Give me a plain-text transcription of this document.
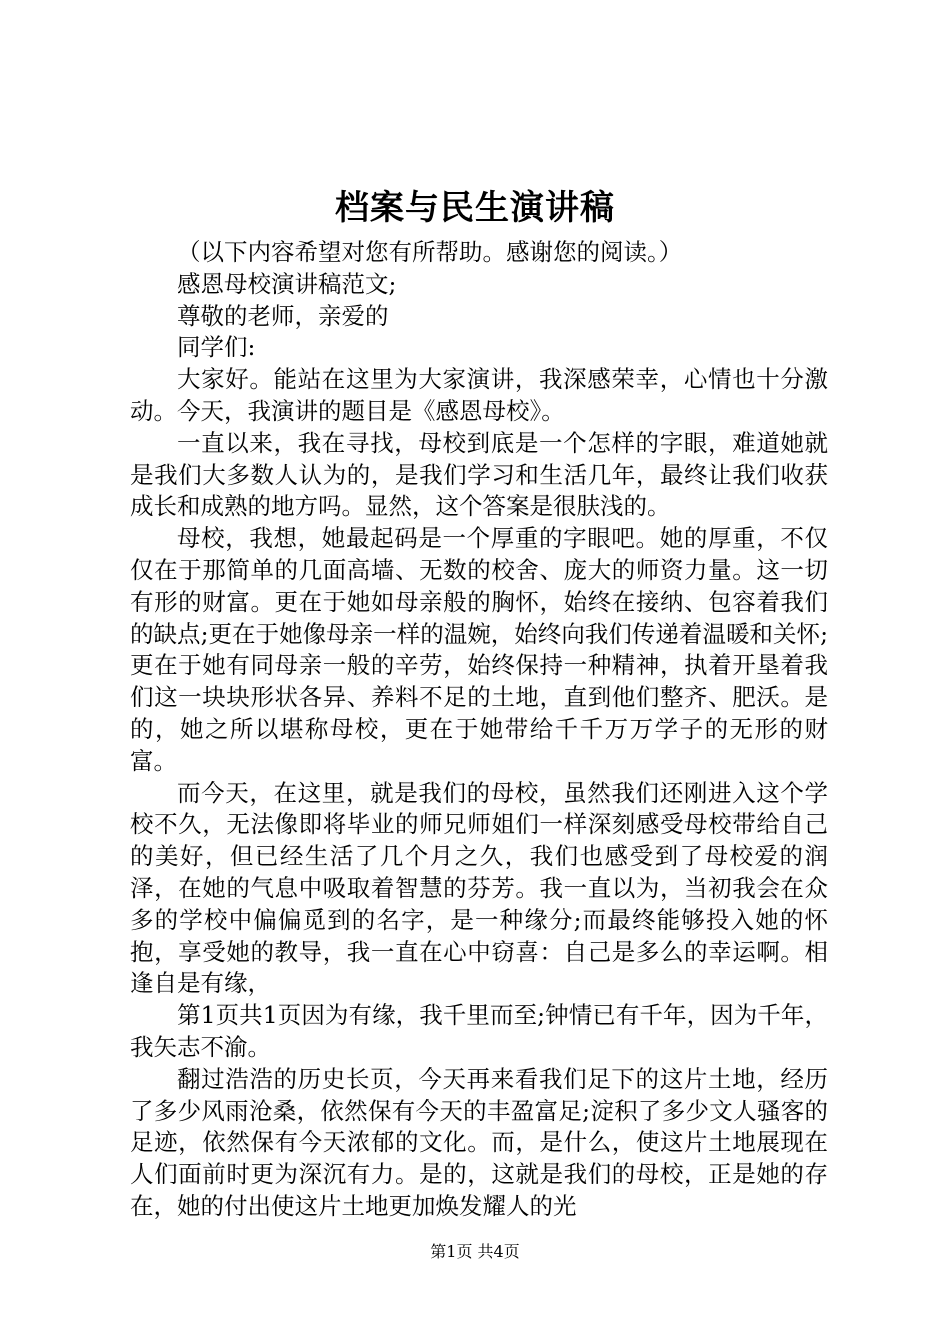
档案与民生演讲稿

（以下内容希望对您有所帮助。感谢您的阅读。）

感恩母校演讲稿范文;

尊敬的老师，亲爱的

同学们:

大家好。能站在这里为大家演讲，我深感荣幸，心情也十分激动。今天，我演讲的题目是《感恩母校》。

一直以来，我在寻找，母校到底是一个怎样的字眼，难道她就是我们大多数人认为的，是我们学习和生活几年，最终让我们收获成长和成熟的地方吗。显然，这个答案是很肤浅的。

母校，我想，她最起码是一个厚重的字眼吧。她的厚重，不仅仅在于那简单的几面高墙、无数的校舍、庞大的师资力量。这一切有形的财富。更在于她如母亲般的胸怀，始终在接纳、包容着我们的缺点;更在于她像母亲一样的温婉，始终向我们传递着温暖和关怀;更在于她有同母亲一般的辛劳，始终保持一种精神，执着开垦着我们这一块块形状各异、养料不足的土地，直到他们整齐、肥沃。是的，她之所以堪称母校，更在于她带给千千万万学子的无形的财富。

而今天，在这里，就是我们的母校，虽然我们还刚进入这个学校不久，无法像即将毕业的师兄师姐们一样深刻感受母校带给自己的美好，但已经生活了几个月之久，我们也感受到了母校爱的润泽，在她的气息中吸取着智慧的芬芳。我一直以为，当初我会在众多的学校中偏偏觅到的名字，是一种缘分;而最终能够投入她的怀抱，享受她的教导，我一直在心中窃喜：自己是多么的幸运啊。相逢自是有缘，

第1页共1页因为有缘，我千里而至;钟情已有千年，因为千年，我矢志不渝。

翻过浩浩的历史长页，今天再来看我们足下的这片土地，经历了多少风雨沧桑，依然保有今天的丰盈富足;淀积了多少文人骚客的足迹，依然保有今天浓郁的文化。而，是什么，使这片土地展现在人们面前时更为深沉有力。是的，这就是我们的母校，正是她的存在，她的付出使这片土地更加焕发耀人的光

第1页 共4页
